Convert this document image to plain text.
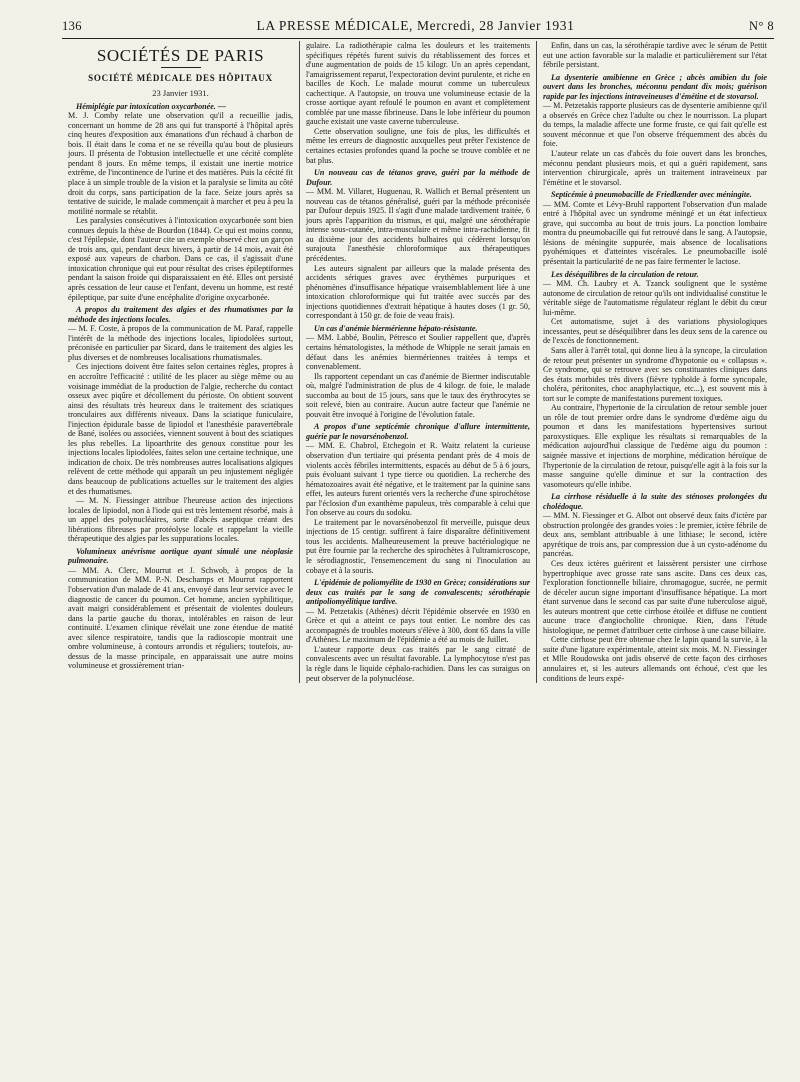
136	LA PRESSE MÉDICALE, Mercredi, 28 Janvier 1931	N° 8
SOCIÉTÉS DE PARIS
SOCIÉTÉ MÉDICALE DES HÔPITAUX
23 Janvier 1931.

Hémiplégie par intoxication oxycarbonée. —

M. J. Comby relate une observation qu'il a recueillie jadis, concernant un homme de 28 ans qui fut transporté à l'hôpital après cinq heures d'exposition aux émanations d'un réchaud à charbon de bois. Il était dans le coma et ne se réveilla qu'au bout de plusieurs jours. Il présenta de l'obtusion intellectuelle et une cécité complète pendant 8 jours. En même temps, il existait une inertie motrice extrême, de l'incontinence de l'urine et des matières. Puis la cécité fit place à un simple trouble de la vision et la paralysie se limita au côté droit du corps, sans participation de la face. Seize jours après sa tentative de suicide, le malade commençait à marcher et peu à peu la motilité normale se rétablit.

Les paralysies consécutives à l'intoxication oxycarbonée sont bien connues depuis la thèse de Bourdon (1844). Ce qui est moins connu, c'est l'épilepsie, dont l'auteur cite un exemple observé chez un garçon de trois ans, qui, pendant deux hivers, à partir de 14 mois, avait été exposé aux vapeurs de charbon. Dans ce cas, il s'agissait d'une intoxication chronique qui eut pour résultat des crises épileptiformes pendant la saison froide qui disparaissaient en été. Elles ont persisté après cessation de leur cause et l'enfant, devenu un homme, est resté épileptique, par suite d'une encéphalite d'origine oxycarbonée.

A propos du traitement des algies et des rhumatismes par la méthode des injections locales.

— M. F. Coste, à propos de la communication de M. Paraf, rappelle l'intérêt de la méthode des injections locales, lipiodolées surtout, préconisée en particulier par Sicard, dans le traitement des algies les plus diverses et de nombreuses localisations rhumatismales.

Ces injections doivent être faites selon certaines règles, propres à en accroître l'efficacité : utilité de les placer au siège même ou au voisinage immédiat de la production de l'algie, recherche du contact osseux avec piqûre et décollement du périoste. On obtient souvent ainsi des résultats très heureux dans le traitement des sciatiques tronculaires aux différents niveaux. Dans la sciatique funiculaire, l'injection épidurale basse de lipiodol et l'anesthésie paravertébrale de Bané, isolées ou associées, viennent souvent à bout des sciatiques les plus rebelles. La lipoarthrite des genoux constitue pour les injections locales lipiodolées, faites selon une certaine technique, une indication de choix. De très nombreuses autres localisations algiques relèvent de cette méthode qui apparaît un peu injustement négligée dans beaucoup de publications actuelles sur le traitement des algies et des rhumatismes.

— M. N. Fiessinger attribue l'heureuse action des injections locales de lipiodol, non à l'iode qui est très lentement résorbé, mais à un appel des polynucléaires, sorte d'abcès aseptique créant des libérations fibreuses par protéolyse locale et rappelant la vieille thérapeutique des algies par les suppurations locales.

Volumineux anévrisme aortique ayant simulé une néoplasie pulmonaire.

— MM. A. Clerc, Mourrut et J. Schwob, à propos de la communication de MM. P.-N. Deschamps et Mourrut rapportent l'observation d'un malade de 41 ans, envoyé dans leur service avec le diagnostic de cancer du poumon. Cet homme, ancien syphilitique, avait maigri considérablement et présentait de violentes douleurs dans la partie gauche du thorax, intolérables en raison de leur continuité. L'examen clinique révélait une zone étendue de matité avec silence respiratoire, tandis que la radioscopie montrait une ombre volumineuse, à contours arrondis et réguliers; toutefois, au-dessus de la masse principale, en apparaissait une autre moins volumineuse et grossièrement trian-

gulaire. La radiothérapie calma les douleurs et les traitements spécifiques répétés furent suivis du rétablissement des forces et d'une augmentation de poids de 15 kilogr. Un an après cependant, l'amaigrissement reparut, l'expectoration devint purulente, et riche en bacilles de Koch. Le malade mourut comme un tuberculeux cachectique. A l'autopsie, on trouva une volumineuse ectasie de la crosse aortique ayant refoulé le poumon en avant et complètement comblée par une masse fibrineuse. Dans le lobe inférieur du poumon gauche existait une vaste caverne tuberculeuse.

Cette observation souligne, une fois de plus, les difficultés et même les erreurs de diagnostic auxquelles peut prêter l'existence de certaines ectasies profondes quand la poche se trouve comblée et ne bat plus.

Un nouveau cas de tétanos grave, guéri par la méthode de Dufour.

— MM. M. Villaret, Huguenau, R. Wallich et Bernal présentent un nouveau cas de tétanos généralisé, guéri par la méthode préconisée par Dufour depuis 1925. Il s'agit d'une malade tardivement traitée, 6 jours après l'apparition du trismus, et qui, malgré une sérothérapie intense sous-cutanée, intra-musculaire et même intra-rachidienne, fit au dixième jour des accidents bulbaires qui cédèrent lorsqu'on surajouta l'anesthésie chloroformique aux thérapeutiques précédentes.

Les auteurs signalent par ailleurs que la malade présenta des accidents sériques graves avec érythèmes purpuriques et phénomènes d'insuffisance hépatique vraisemblablement liée à une intoxication chloroformique qui fut traitée avec succès par des injections quotidiennes d'extrait hépatique à hautes doses (1 gr. 50, correspondant à 150 gr. de foie de veau frais).

Un cas d'anémie biermérienne hépato-résistante.

— MM. Labbé, Boulin, Pétresco et Soulier rappellent que, d'après certains hématologistes, la méthode de Whipple ne serait jamais en défaut dans les anémies biermériennes traitées à temps et convenablement.

Ils rapportent cependant un cas d'anémie de Biermer indiscutable où, malgré l'administration de plus de 4 kilogr. de foie, le malade succomba au bout de 15 jours, sans que le taux des érythrocytes se soit relevé, bien au contraire. Aucun autre facteur que l'anémie ne pouvait être invoqué à l'origine de l'évolution fatale.

A propos d'une septicémie chronique d'allure intermittente, guérie par le novarsénobenzol.

— MM. E. Chabrol, Etchegoin et R. Waitz relatent la curieuse observation d'un tertiaire qui présenta pendant près de 4 mois de violents accès fébriles intermittents, espacés au début de 5 à 6 jours, puis évoluant suivant 1 type tierce ou quotidien. La recherche des hématozoaires avait été négative, et le traitement par la quinine sans effet, les auteurs furent orientés vers la recherche d'une spirochétose par l'éclosion d'un exanthème papuleux, très comparable à celui que l'on observe au cours du sodoku.

Le traitement par le novarsénobenzol fit merveille, puisque deux injections de 15 centigr. suffirent à faire disparaître définitivement tous les accidents. Malheureusement la preuve bactériologique ne put être fournie par la recherche des spirochètes à l'ultramicroscope, le sérodiagnostic, l'ensemencement du sang ni l'inoculation au cobaye et à la souris.

L'épidémie de poliomyélite de 1930 en Grèce; considérations sur deux cas traités par le sang de convalescents; sérothérapie antipoliomyélitique tardive.

— M. Petzetakis (Athènes) décrit l'épidémie observée en 1930 en Grèce et qui a atteint ce pays tout entier. Le nombre des cas accompagnés de troubles moteurs s'élève à 300, dont 65 dans la ville d'Athènes. Le maximum de l'épidémie a été au mois de Juillet.

L'auteur rapporte deux cas traités par le sang citraté de convalescents avec un résultat favorable. La lymphocytose n'est pas la règle dans le liquide céphalo-rachidien. Dans les cas suraigus on peut observer de la polynucléose.

Enfin, dans un cas, la sérothérapie tardive avec le sérum de Pettit eut une action favorable sur la maladie et particulièrement sur l'état fébrile persistant.

La dysenterie amibienne en Grèce ; abcès amibien du foie ouvert dans les bronches, méconnu pendant dix mois; guérison rapide par les injections intraveineuses d'émétine et de stovarsol.

— M. Petzetakis rapporte plusieurs cas de dysenterie amibienne qu'il a observés en Grèce chez l'adulte ou chez le nourrisson. La plupart du temps, la maladie affecte une forme fruste, ce qui fait qu'elle est souvent méconnue et que l'on observe fréquemment des abcès du foie.

L'auteur relate un cas d'abcès du foie ouvert dans les bronches, méconnu pendant plusieurs mois, et qui a guéri rapidement, sans intervention chirurgicale, après un traitement intraveineux par l'émétine et le stovarsol.

Septicémie à pneumobacille de Friedlænder avec méningite.

— MM. Comte et Lévy-Bruhl rapportent l'observation d'un malade entré à l'hôpital avec un syndrome méningé et un état infectieux grave, qui succomba au bout de trois jours. La ponction lombaire montra du pneumobacille qui fut retrouvé dans le sang. A l'autopsie, lésions de méningite suppurée, mais absence de localisations pyohémiques et d'atteintes viscérales. Le pneumobacille isolé présentait la particularité de ne pas faire fermenter le lactose.

Les déséquilibres de la circulation de retour.

— MM. Ch. Laubry et A. Tzanck soulignent que le système autonome de circulation de retour qu'ils ont individualisé constitue le véritable siège de l'automatisme régulateur réglant le débit du cœur lui-même.

Cet automatisme, sujet à des variations physiologiques incessantes, peut se déséquilibrer dans les deux sens de la carence ou de l'excès de fonctionnement.

Sans aller à l'arrêt total, qui donne lieu à la syncope, la circulation de retour peut présenter un syndrome d'hypotonie ou « collapsus ». Ce syndrome, qui se retrouve avec ses constituantes cliniques dans des états morbides très divers (fièvre typhoïde à forme syncopale, choléra, péritonites, choc anaphylactique, etc...), est souvent mis à tort sur le compte de manifestations purement toxiques.

Au contraire, l'hypertonie de la circulation de retour semble jouer un rôle de tout premier ordre dans le syndrome d'œdème aigu du poumon et dans les manifestations hypertensives surtout paroxystiques. Elle explique les résultats si remarquables de la médication aujourd'hui classique de l'œdème aigu du poumon : saignée massive et injections de morphine, médication héroïque de l'hypertonie de la circulation de retour, puisqu'elle agit à la fois sur la masse sanguine qu'elle diminue et sur la contraction des vasomoteurs qu'elle inhibe.

La cirrhose résiduelle à la suite des sténoses prolongées du cholédoque.

— MM. N. Fiessinger et G. Albot ont observé deux faits d'ictère par obstruction prolongée des grandes voies : le premier, ictère fébrile de deux ans, semblant attribuable à une lithiase; le second, ictère apyrétique de trois ans, par compression due à un cysto-adénome du pancréas.

Ces deux ictères guérirent et laissèrent persister une cirrhose hypertrophique avec grosse rate sans ascite. Dans ces deux cas, l'exploration fonctionnelle biliaire, chromagogue, sucrée, ne permit de déceler aucun signe important d'insuffisance hépatique. La mort étant survenue dans le second cas par suite d'une tuberculose aiguë, les auteurs montrent que cette cirrhose étoilée et diffuse ne contient aucune trace d'angiocholite chronique. Rien, dans l'étude histologique, ne permet d'attribuer cette cirrhose à une cause biliaire.

Cette cirrhose peut être obtenue chez le lapin quand la survie, à la suite d'une ligature expérimentale, atteint six mois. M. N. Fiessinger et Mlle Roudowska ont jadis observé de cette façon des cirrhoses annulaires et, si les auteurs allemands ont échoué, c'est que les conditions de leurs expé-
